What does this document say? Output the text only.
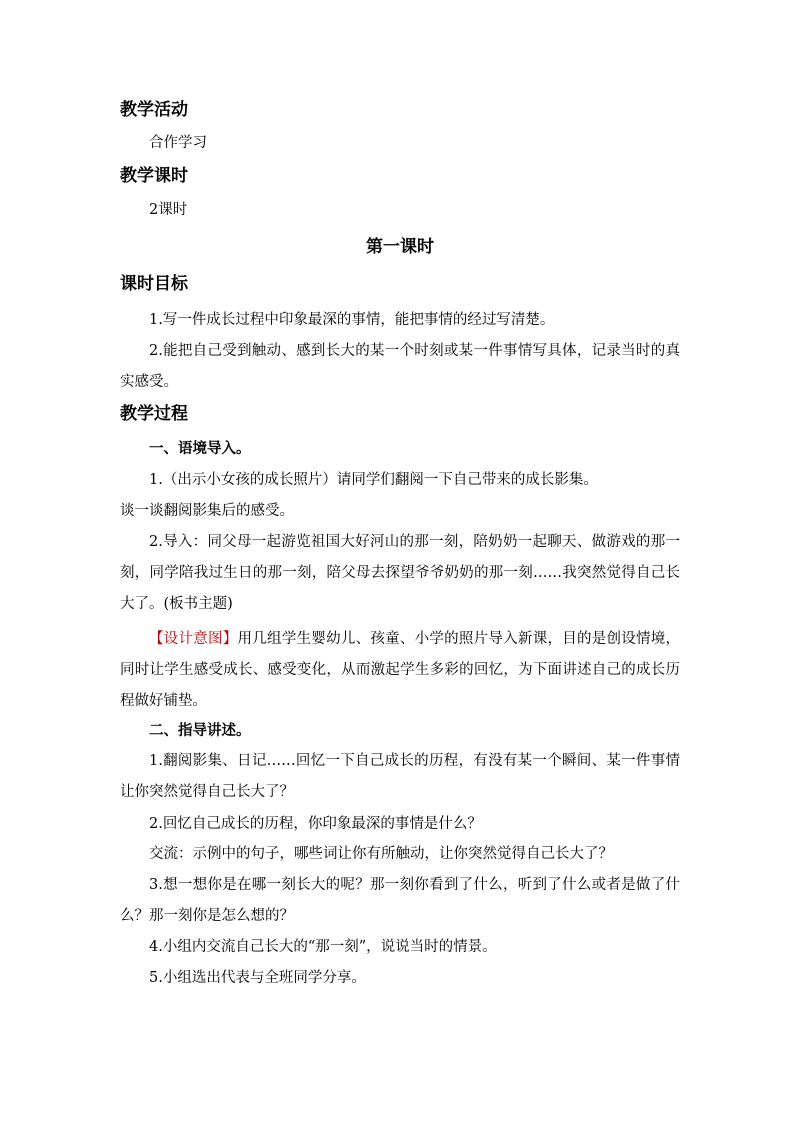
教学活动
合作学习
教学课时
2课时
第一课时
课时目标
1.写一件成长过程中印象最深的事情，能把事情的经过写清楚。
2.能把自己受到触动、感到长大的某一个时刻或某一件事情写具体，记录当时的真实感受。
教学过程
一、语境导入。
1.（出示小女孩的成长照片）请同学们翻阅一下自己带来的成长影集。
谈一谈翻阅影集后的感受。
2.导入：同父母一起游览祖国大好河山的那一刻，陪奶奶一起聊天、做游戏的那一刻，同学陪我过生日的那一刻，陪父母去探望爷爷奶奶的那一刻……我突然觉得自己长大了。(板书主题)
【设计意图】用几组学生婴幼儿、孩童、小学的照片导入新课，目的是创设情境，同时让学生感受成长、感受变化，从而激起学生多彩的回忆，为下面讲述自己的成长历程做好铺垫。
二、指导讲述。
1.翻阅影集、日记……回忆一下自己成长的历程，有没有某一个瞬间、某一件事情让你突然觉得自己长大了？
2.回忆自己成长的历程，你印象最深的事情是什么？
交流：示例中的句子，哪些词让你有所触动，让你突然觉得自己长大了？
3.想一想你是在哪一刻长大的呢？那一刻你看到了什么，听到了什么或者是做了什么？那一刻你是怎么想的？
4.小组内交流自己长大的“那一刻”，说说当时的情景。
5.小组选出代表与全班同学分享。
